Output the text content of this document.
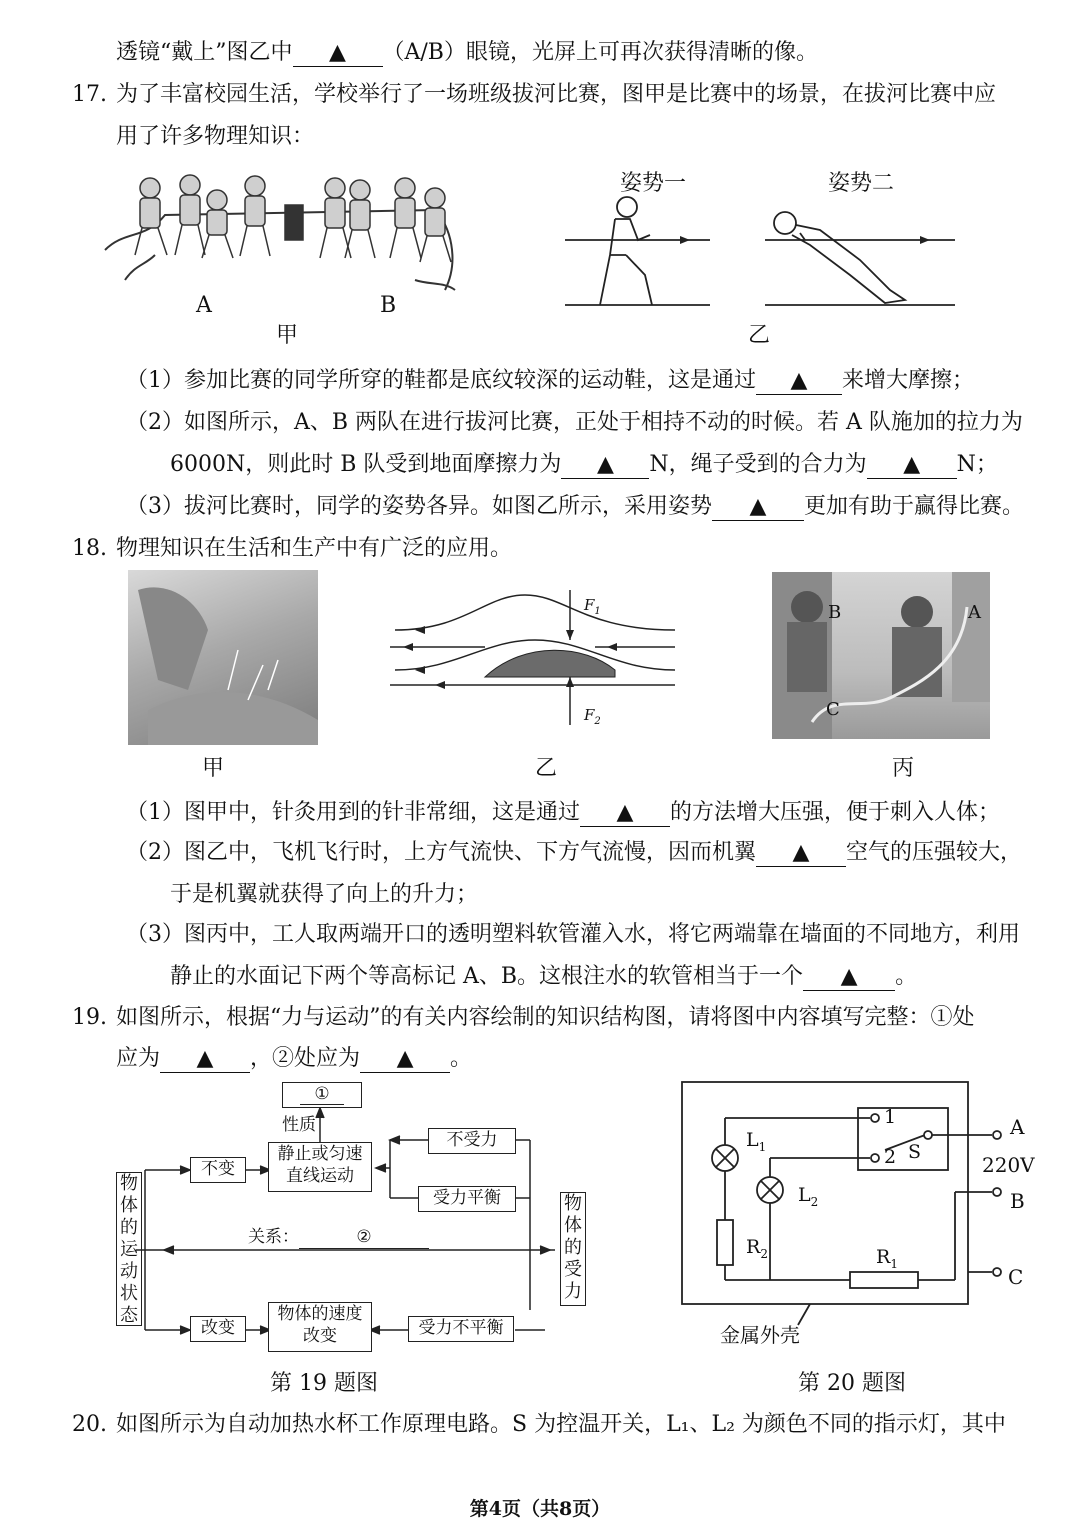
透镜“戴上”图乙中 ▲ （A/B）眼镜，光屏上可再次获得清晰的像。
17. 为了丰富校园生活，学校举行了一场班级拔河比赛，图甲是比赛中的场景，在拔河比赛中应
用了许多物理知识：
A	B
甲
姿势一	姿势二
乙
（1）参加比赛的同学所穿的鞋都是底纹较深的运动鞋，这是通过 ▲ 来增大摩擦；
（2）如图所示，A、B 两队在进行拔河比赛，正处于相持不动的时候。若 A 队施加的拉力为
6000N，则此时 B 队受到地面摩擦力为 ▲ N，绳子受到的合力为 ▲ N；
（3）拔河比赛时，同学的姿势各异。如图乙所示，采用姿势 ▲ 更加有助于赢得比赛。
18. 物理知识在生活和生产中有广泛的应用。
甲
$F_1$
$F_2$
乙
B	A
C
丙
（1）图甲中，针灸用到的针非常细，这是通过 ▲ 的方法增大压强，便于刺入人体；
（2）图乙中，飞机飞行时，上方气流快、下方气流慢，因而机翼 ▲ 空气的压强较大，
于是机翼就获得了向上的升力；
（3）图丙中，工人取两端开口的透明塑料软管灌入水，将它两端靠在墙面的不同地方，利用
静止的水面记下两个等高标记 A、B。这根注水的软管相当于一个 ▲ 。
19. 如图所示，根据“力与运动”的有关内容绘制的知识结构图，请将图中内容填写完整：①处
应为 ▲ ，②处应为 ▲ 。
①
性质
静止或匀速
直线运动
不受力
受力平衡
不变
改变
物体的速度
改变	受力不平衡
关系：	②
物体的运动状态
物体的受力
第 19 题图
$L_1$
$L_2$
$R_2$	$R_1$
1
2 S
A
220V
B
C
金属外壳
第 20 题图
20. 如图所示为自动加热水杯工作原理电路。S 为控温开关，L₁、L₂ 为颜色不同的指示灯，其中
第4页（共8页）
